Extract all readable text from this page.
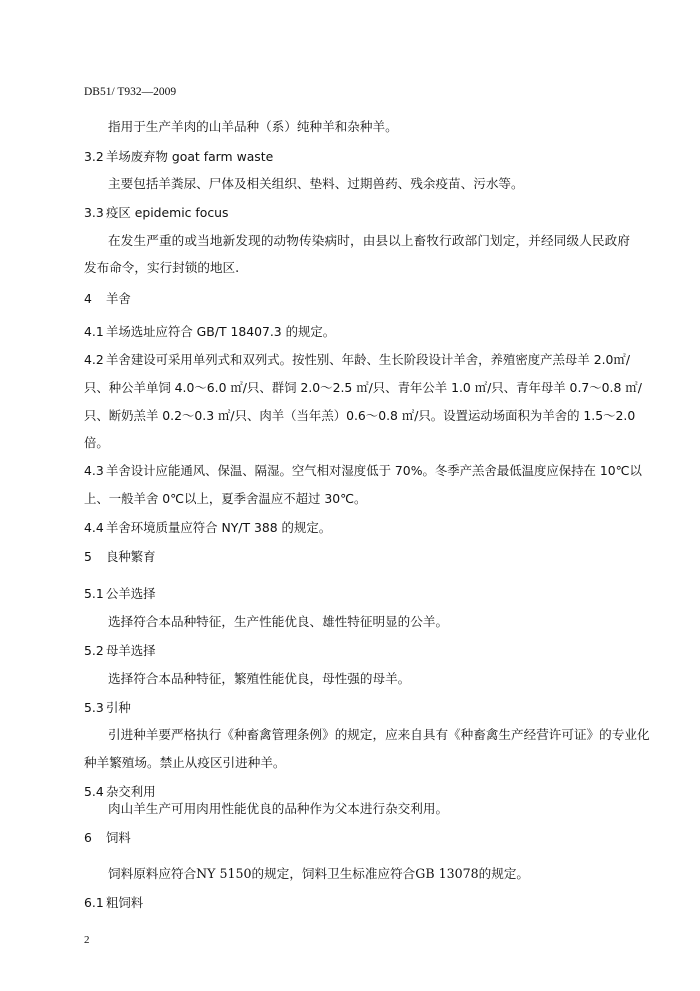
DB51/ T932—2009
指用于生产羊肉的山羊品种（系）纯种羊和杂种羊。
3.2 羊场废弃物 goat farm waste
主要包括羊粪尿、尸体及相关组织、垫料、过期兽药、残余疫苗、污水等。
3.3 疫区 epidemic focus
在发生严重的或当地新发现的动物传染病时，由县以上畜牧行政部门划定，并经同级人民政府
发布命令，实行封锁的地区.
4 羊舍
4.1 羊场选址应符合 GB/T 18407.3 的规定。
4.2 羊舍建设可采用单列式和双列式。按性别、年龄、生长阶段设计羊舍，养殖密度产羔母羊 2.0㎡/
只、种公羊单饲 4.0～6.0 ㎡/只、群饲 2.0～2.5 ㎡/只、青年公羊 1.0 ㎡/只、青年母羊 0.7～0.8 ㎡/
只、断奶羔羊 0.2～0.3 ㎡/只、肉羊（当年羔）0.6～0.8 ㎡/只。设置运动场面积为羊舍的 1.5～2.0
倍。
4.3 羊舍设计应能通风、保温、隔湿。空气相对湿度低于 70%。冬季产羔舍最低温度应保持在 10℃以
上、一般羊舍 0℃以上，夏季舍温应不超过 30℃。
4.4 羊舍环境质量应符合 NY/T 388 的规定。
5 良种繁育
5.1 公羊选择
选择符合本品种特征，生产性能优良、雄性特征明显的公羊。
5.2 母羊选择
选择符合本品种特征，繁殖性能优良，母性强的母羊。
5.3 引种
引进种羊要严格执行《种畜禽管理条例》的规定，应来自具有《种畜禽生产经营许可证》的专业化
种羊繁殖场。禁止从疫区引进种羊。
5.4 杂交利用
肉山羊生产可用肉用性能优良的品种作为父本进行杂交利用。
6 饲料
饲料原料应符合NY 5150的规定，饲料卫生标准应符合GB 13078的规定。
6.1 粗饲料
2
